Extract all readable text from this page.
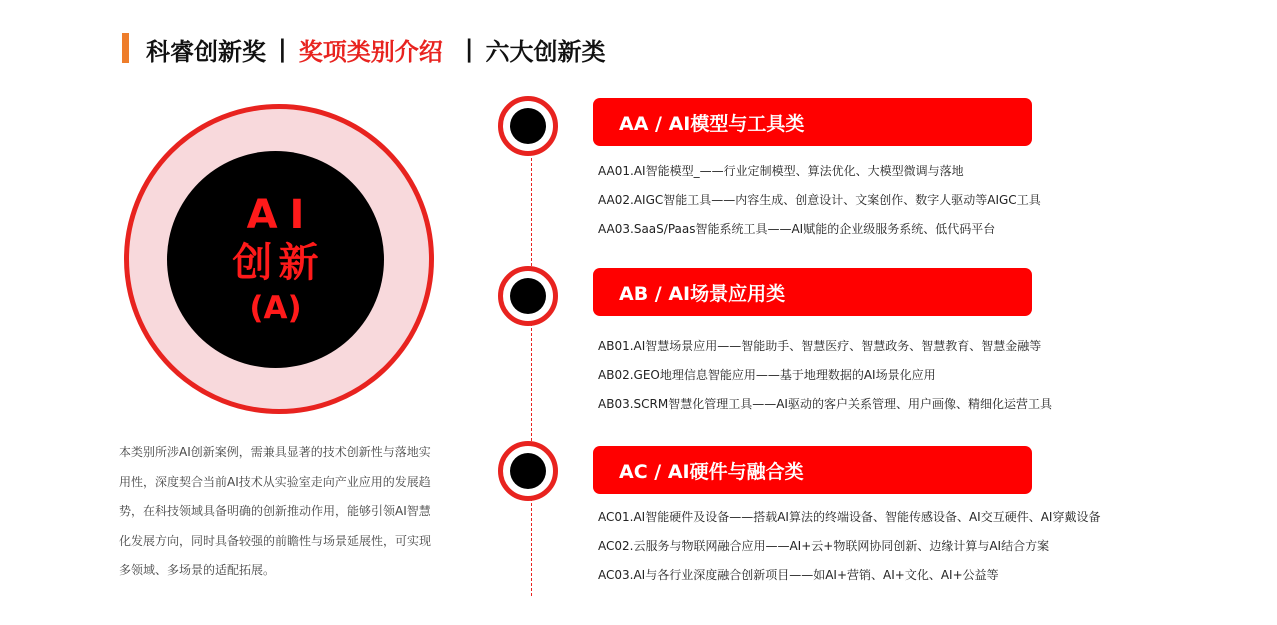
科睿创新奖 | 奖项类别介绍 | 六大创新类
AI
创新
(A)
本类别所涉AI创新案例，需兼具显著的技术创新性与落地实用性，深度契合当前AI技术从实验室走向产业应用的发展趋势，在科技领域具备明确的创新推动作用，能够引领AI智慧化发展方向，同时具备较强的前瞻性与场景延展性，可实现多领域、多场景的适配拓展。
AA / AI模型与工具类
AA01.AI智能模型_——行业定制模型、算法优化、大模型微调与落地
AA02.AIGC智能工具——内容生成、创意设计、文案创作、数字人驱动等AIGC工具
AA03.SaaS/Paas智能系统工具——AI赋能的企业级服务系统、低代码平台
AB / AI场景应用类
AB01.AI智慧场景应用——智能助手、智慧医疗、智慧政务、智慧教育、智慧金融等
AB02.GEO地理信息智能应用——基于地理数据的AI场景化应用
AB03.SCRM智慧化管理工具——AI驱动的客户关系管理、用户画像、精细化运营工具
AC / AI硬件与融合类
AC01.AI智能硬件及设备——搭载AI算法的终端设备、智能传感设备、AI交互硬件、AI穿戴设备
AC02.云服务与物联网融合应用——AI+云+物联网协同创新、边缘计算与AI结合方案
AC03.AI与各行业深度融合创新项目——如AI+营销、AI+文化、AI+公益等
